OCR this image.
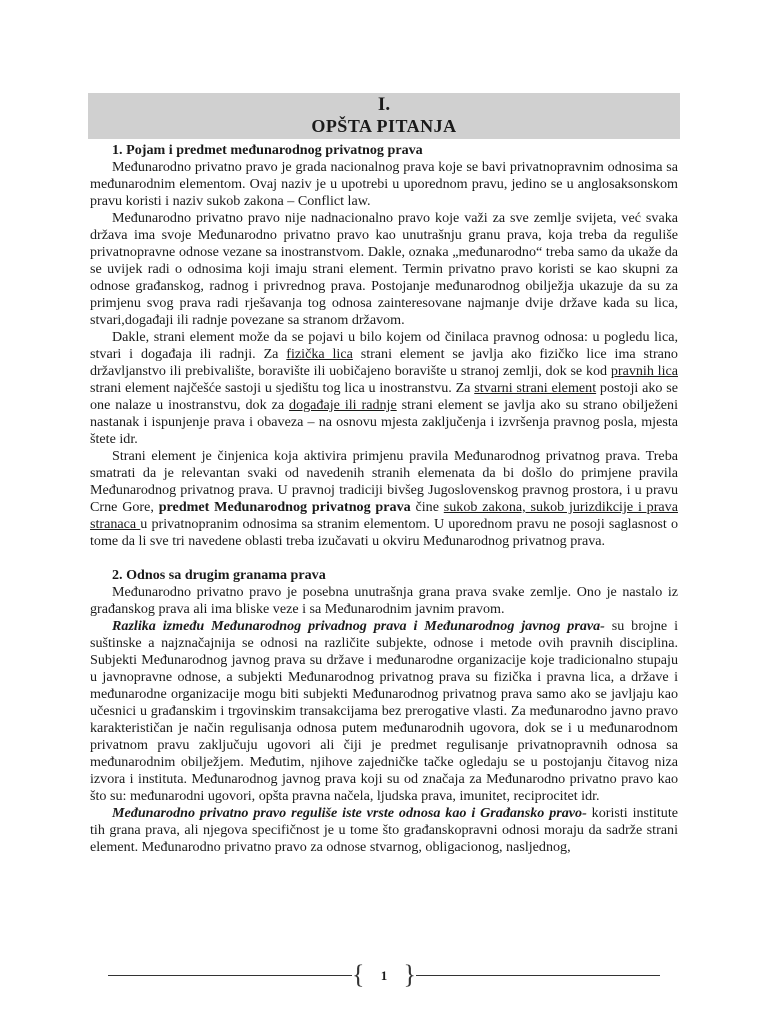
I.
OPŠTA PITANJA
1. Pojam i predmet međunarodnog privatnog prava

Međunarodno privatno pravo je grada nacionalnog prava koje se bavi privatnopravnim odnosima sa međunarodnim elementom. Ovaj naziv je u upotrebi u uporednom pravu, jedino se u anglosaksonskom pravu koristi i naziv sukob zakona – Conflict law.

Međunarodno privatno pravo nije nadnacionalno pravo koje važi za sve zemlje svijeta, već svaka država ima svoje Međunarodno privatno pravo kao unutrašnju granu prava, koja treba da reguliše privatnopravne odnose vezane sa inostranstvom. Dakle, oznaka „međunarodno“ treba samo da ukaže da se uvijek radi o odnosima koji imaju strani element. Termin privatno pravo koristi se kao skupni za odnose građanskog, radnog i privrednog prava. Postojanje međunarodnog obilježja ukazuje da su za primjenu svog prava radi rješavanja tog odnosa zainteresovane najmanje dvije države kada su lica, stvari,događaji ili radnje povezane sa stranom državom.

Dakle, strani element može da se pojavi u bilo kojem od činilaca pravnog odnosa: u pogledu lica, stvari i događaja ili radnji. Za fizička lica strani element se javlja ako fizičko lice ima strano državljanstvo ili prebivalište, boravište ili uobičajeno boravište u stranoj zemlji, dok se kod pravnih lica strani element najčešće sastoji u sjedištu tog lica u inostranstvu. Za stvarni strani element postoji ako se one nalaze u inostranstvu, dok za događaje ili radnje strani element se javlja ako su strano obilježeni nastanak i ispunjenje prava i obaveza – na osnovu mjesta zaključenja i izvršenja pravnog posla, mjesta štete idr.

Strani element je činjenica koja aktivira primjenu pravila Međunarodnog privatnog prava. Treba smatrati da je relevantan svaki od navedenih stranih elemenata da bi došlo do primjene pravila Međunarodnog privatnog prava. U pravnoj tradiciji bivšeg Jugoslovenskog pravnog prostora, i u pravu Crne Gore, predmet Međunarodnog privatnog prava čine sukob zakona, sukob jurizdikcije i prava stranaca u privatnopranim odnosima sa stranim elementom. U uporednom pravu ne posoji saglasnost o tome da li sve tri navedene oblasti treba izučavati u okviru Međunarodnog privatnog prava.

2. Odnos sa drugim granama prava

Međunarodno privatno pravo je posebna unutrašnja grana prava svake zemlje. Ono je nastalo iz građanskog prava ali ima bliske veze i sa Međunarodnim javnim pravom.

Razlika između Međunarodnog privadnog prava i Međunarodnog javnog prava- su brojne i suštinske a najznačajnija se odnosi na različite subjekte, odnose i metode ovih pravnih disciplina. Subjekti Međunarodnog javnog prava su države i međunarodne organizacije koje tradicionalno stupaju u javnopravne odnose, a subjekti Međunarodnog privatnog prava su fizička i pravna lica, a države i međunarodne organizacije mogu biti subjekti Međunarodnog privatnog prava samo ako se javljaju kao učesnici u građanskim i trgovinskim transakcijama bez prerogative vlasti. Za međunarodno javno pravo karakterističan je način regulisanja odnosa putem međunarodnih ugovora, dok se i u međunarodnom privatnom pravu zaključuju ugovori ali čiji je predmet regulisanje privatnopravnih odnosa sa međunarodnim obilježjem. Međutim, njihove zajedničke tačke ogledaju se u postojanju čitavog niza izvora i instituta. Međunarodnog javnog prava koji su od značaja za Međunarodno privatno pravo kao što su: međunarodni ugovori, opšta pravna načela, ljudska prava, imunitet, reciprocitet idr.

Međunarodno privatno pravo reguliše iste vrste odnosa kao i Građansko pravo- koristi institute tih grana prava, ali njegova specifičnost je u tome što građanskopravni odnosi moraju da sadrže strani element. Međunarodno privatno pravo za odnose stvarnog, obligacionog, nasljednog,

{	1 }
